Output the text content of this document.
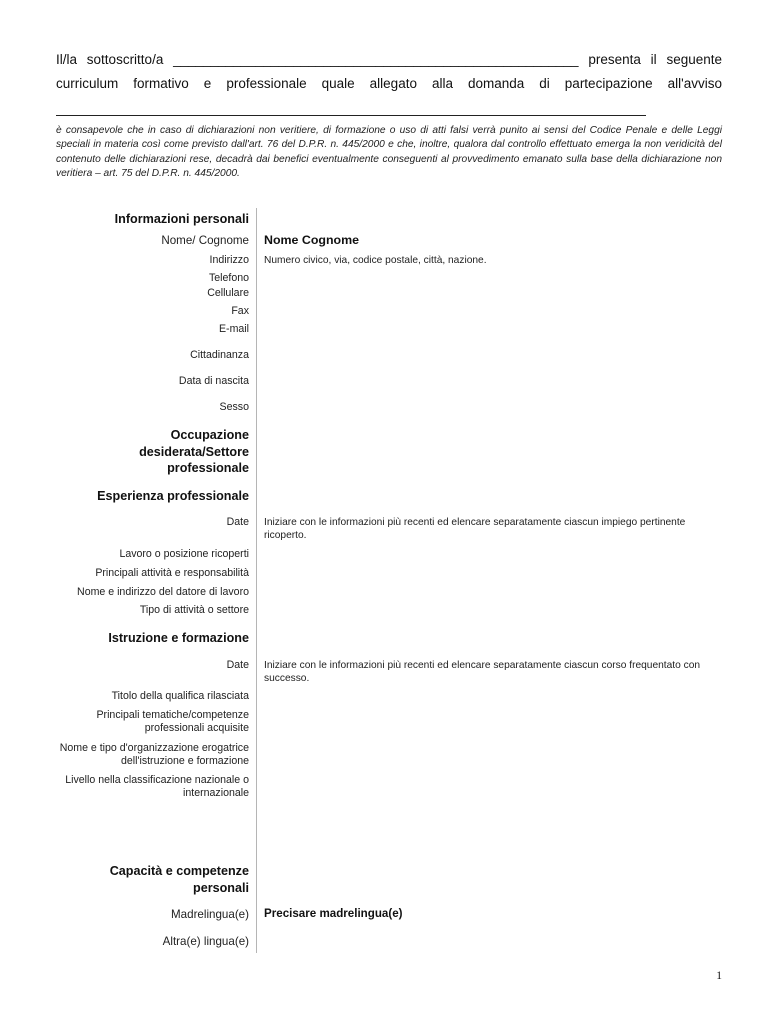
Il/la sottoscritto/a ______________________________________________________ presenta il seguente
curriculum formativo e professionale quale allegato alla domanda di partecipazione all'avviso
è consapevole che in caso di dichiarazioni non veritiere, di formazione o uso di atti falsi verrà punito ai sensi del Codice Penale e delle Leggi speciali in materia così come previsto dall'art. 76 del D.P.R. n. 445/2000 e che, inoltre, qualora dal controllo effettuato emerga la non veridicità del contenuto delle dichiarazioni rese, decadrà dai benefici eventualmente conseguenti al provvedimento emanato sulla base della dichiarazione non veritiera – art. 75 del D.P.R. n. 445/2000.
Informazioni personali
Nome/ Cognome Nome Cognome
Indirizzo Numero civico, via, codice postale, città, nazione.
Telefono
Cellulare
Fax
E-mail
Cittadinanza
Data di nascita
Sesso
Occupazione desiderata/Settore professionale
Esperienza professionale
Date Iniziare con le informazioni più recenti ed elencare separatamente ciascun impiego pertinente ricoperto.
Lavoro o posizione ricoperti
Principali attività e responsabilità
Nome e indirizzo del datore di lavoro
Tipo di attività o settore
Istruzione e formazione
Date Iniziare con le informazioni più recenti ed elencare separatamente ciascun corso frequentato con successo.
Titolo della qualifica rilasciata
Principali tematiche/competenze professionali acquisite
Nome e tipo d'organizzazione erogatrice dell'istruzione e formazione
Livello nella classificazione nazionale o internazionale
Capacità e competenze personali
Madrelingua(e) Precisare madrelingua(e)
Altra(e) lingua(e)
1
